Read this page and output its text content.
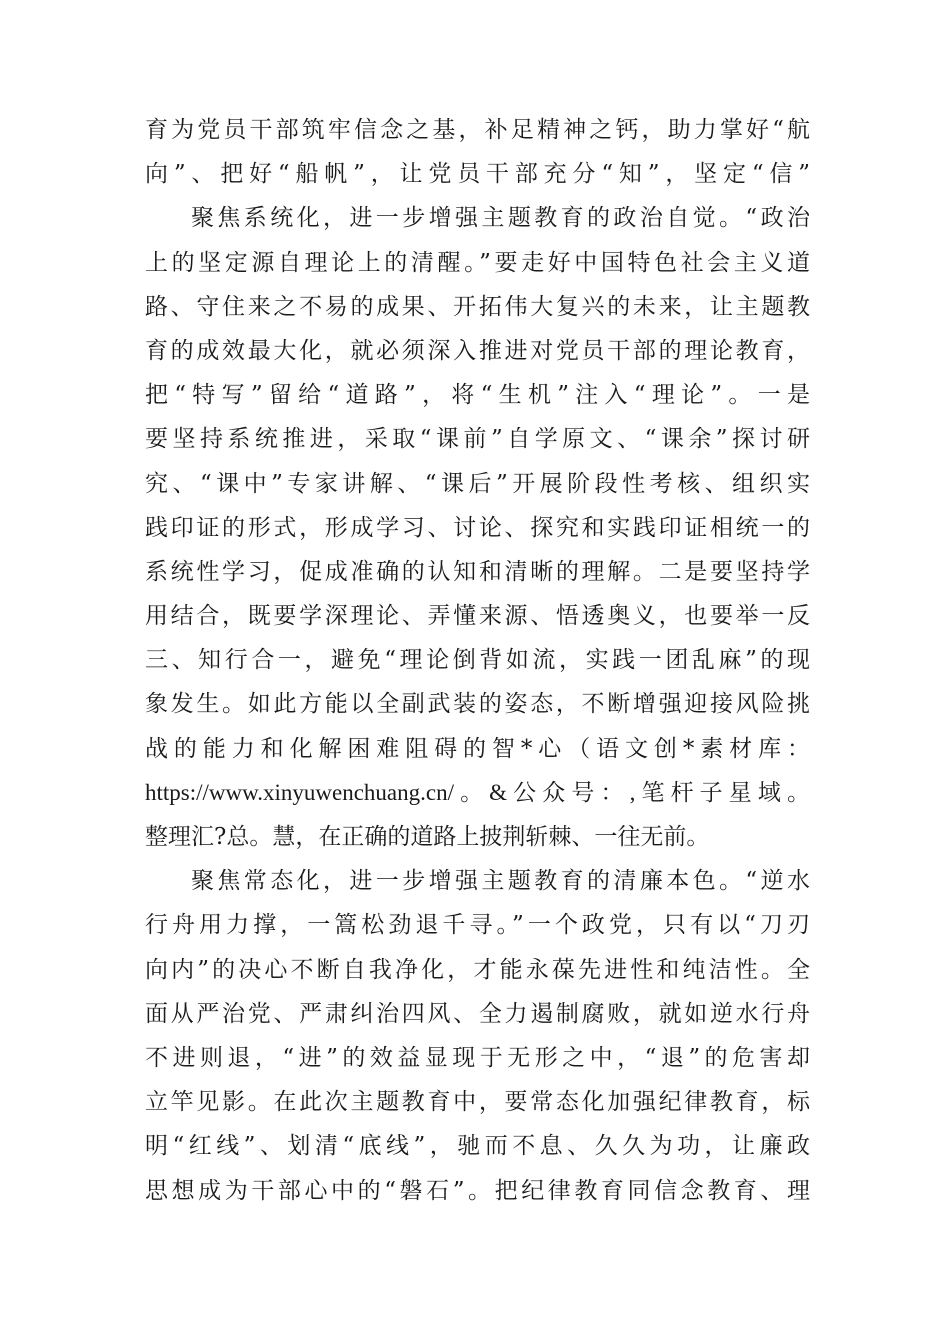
育为党员干部筑牢信念之基，补足精神之钙，助力掌好“航
向”、把好“船帆”，让党员干部充分“知”，坚定“信”
聚焦系统化，进一步增强主题教育的政治自觉。“政治
上的坚定源自理论上的清醒。”要走好中国特色社会主义道
路、守住来之不易的成果、开拓伟大复兴的未来，让主题教
育的成效最大化，就必须深入推进对党员干部的理论教育，
把“特写”留给“道路”，将“生机”注入“理论”。一是
要坚持系统推进，采取“课前”自学原文、“课余”探讨研
究、“课中”专家讲解、“课后”开展阶段性考核、组织实
践印证的形式，形成学习、讨论、探究和实践印证相统一的
系统性学习，促成准确的认知和清晰的理解。二是要坚持学
用结合，既要学深理论、弄懂来源、悟透奥义，也要举一反
三、知行合一，避免“理论倒背如流，实践一团乱麻”的现
象发生。如此方能以全副武装的姿态，不断增强迎接风险挑
战的能力和化解困难阻碍的智*心（语文创*素材库：
https://www.xinyuwenchuang.cn/。&公众号：,笔杆子星域。
整理汇?总。慧，在正确的道路上披荆斩棘、一往无前。
聚焦常态化，进一步增强主题教育的清廉本色。“逆水
行舟用力撑，一篙松劲退千寻。”一个政党，只有以“刀刃
向内”的决心不断自我净化，才能永葆先进性和纯洁性。全
面从严治党、严肃纠治四风、全力遏制腐败，就如逆水行舟
不进则退，“进”的效益显现于无形之中，“退”的危害却
立竿见影。在此次主题教育中，要常态化加强纪律教育，标
明“红线”、划清“底线”，驰而不息、久久为功，让廉政
思想成为干部心中的“磐石”。把纪律教育同信念教育、理
